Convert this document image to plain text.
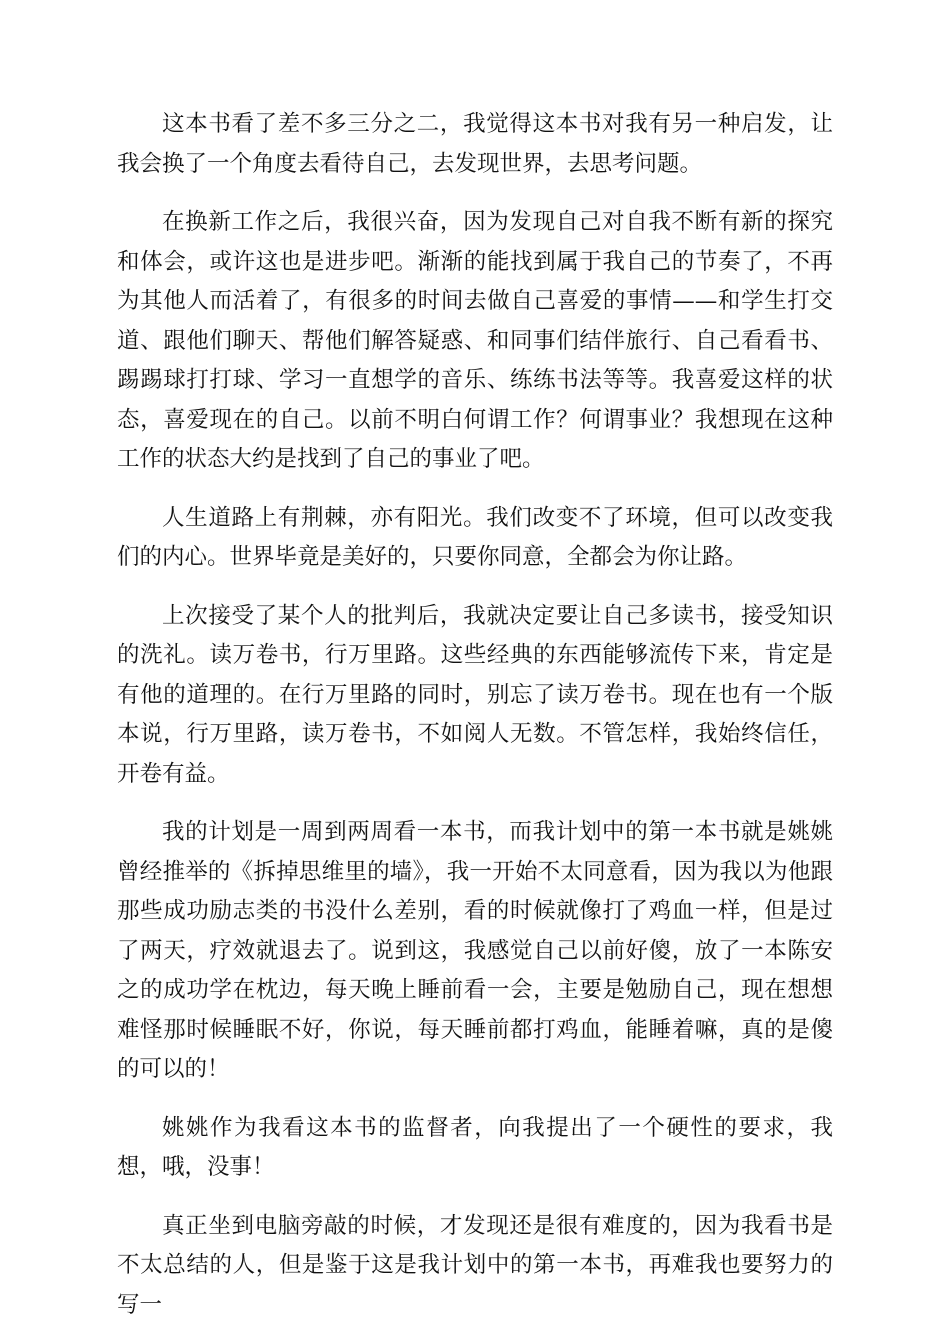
这本书看了差不多三分之二，我觉得这本书对我有另一种启发，让我会换了一个角度去看待自己，去发现世界，去思考问题。

在换新工作之后，我很兴奋，因为发现自己对自我不断有新的探究和体会，或许这也是进步吧。渐渐的能找到属于我自己的节奏了，不再为其他人而活着了，有很多的时间去做自己喜爱的事情——和学生打交道、跟他们聊天、帮他们解答疑惑、和同事们结伴旅行、自己看看书、踢踢球打打球、学习一直想学的音乐、练练书法等等。我喜爱这样的状态，喜爱现在的自己。以前不明白何谓工作？何谓事业？我想现在这种工作的状态大约是找到了自己的事业了吧。

人生道路上有荆棘，亦有阳光。我们改变不了环境，但可以改变我们的内心。世界毕竟是美好的，只要你同意，全都会为你让路。

上次接受了某个人的批判后，我就决定要让自己多读书，接受知识的洗礼。读万卷书，行万里路。这些经典的东西能够流传下来，肯定是有他的道理的。在行万里路的同时，别忘了读万卷书。现在也有一个版本说，行万里路，读万卷书，不如阅人无数。不管怎样，我始终信任，开卷有益。

我的计划是一周到两周看一本书，而我计划中的第一本书就是姚姚曾经推举的《拆掉思维里的墙》，我一开始不太同意看，因为我以为他跟那些成功励志类的书没什么差别，看的时候就像打了鸡血一样，但是过了两天，疗效就退去了。说到这，我感觉自己以前好傻，放了一本陈安之的成功学在枕边，每天晚上睡前看一会，主要是勉励自己，现在想想难怪那时候睡眠不好，你说，每天睡前都打鸡血，能睡着嘛，真的是傻的可以的！

姚姚作为我看这本书的监督者，向我提出了一个硬性的要求，我想，哦，没事！

真正坐到电脑旁敲的时候，才发现还是很有难度的，因为我看书是不太总结的人，但是鉴于这是我计划中的第一本书，再难我也要努力的写一
